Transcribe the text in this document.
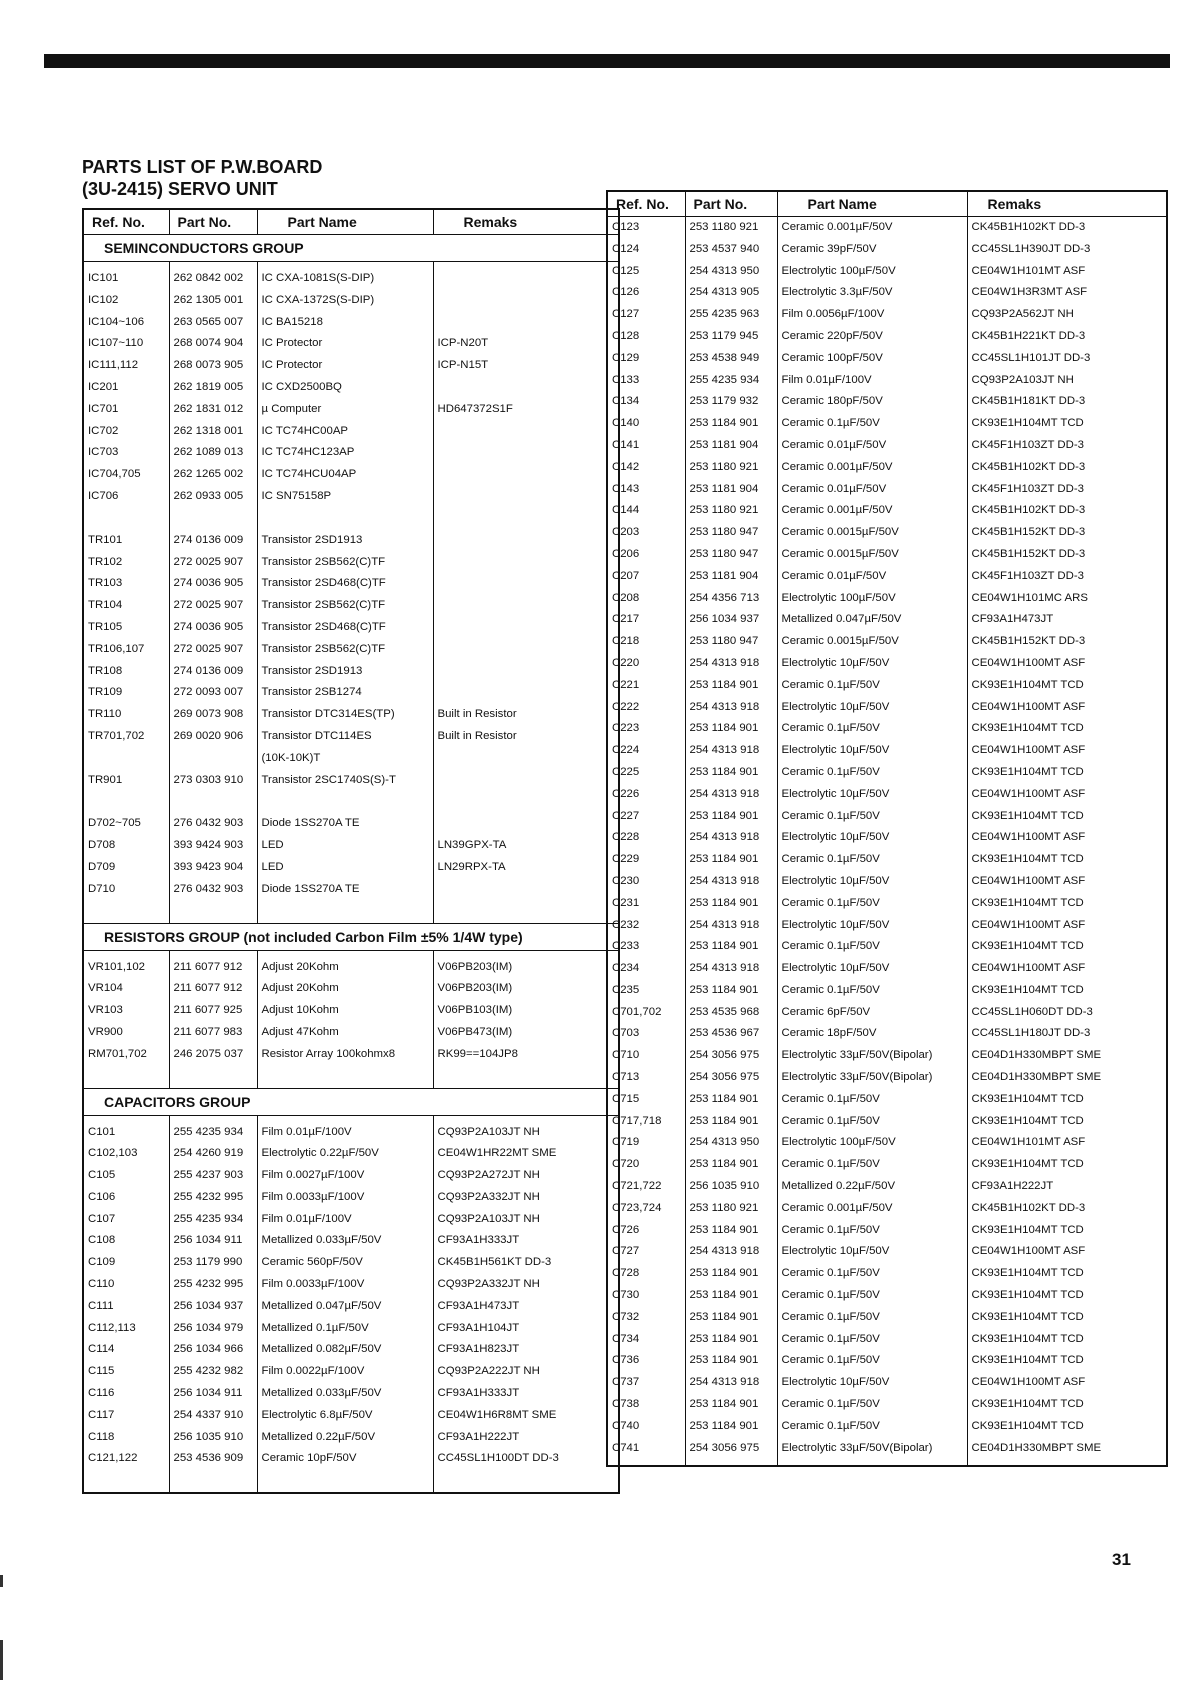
PARTS LIST OF P.W.BOARD
(3U-2415) SERVO UNIT
Ref. No.	Part No.	Part Name	Remaks
SEMINCONDUCTORS GROUP			

IC101	262 0842 002	IC CXA-1081S(S-DIP)	
IC102	262 1305 001	IC CXA-1372S(S-DIP)	
IC104~106	263 0565 007	IC BA15218	
IC107~110	268 0074 904	IC Protector	ICP-N20T
IC111,112	268 0073 905	IC Protector	ICP-N15T
IC201	262 1819 005	IC CXD2500BQ	
IC701	262 1831 012	µ Computer	HD647372S1F
IC702	262 1318 001	IC TC74HC00AP	
IC703	262 1089 013	IC TC74HC123AP	
IC704,705	262 1265 002	IC TC74HCU04AP	
IC706	262 0933 005	IC SN75158P	

TR101	274 0136 009	Transistor 2SD1913	
TR102	272 0025 907	Transistor 2SB562(C)TF	
TR103	274 0036 905	Transistor 2SD468(C)TF	
TR104	272 0025 907	Transistor 2SB562(C)TF	
TR105	274 0036 905	Transistor 2SD468(C)TF	
TR106,107	272 0025 907	Transistor 2SB562(C)TF	
TR108	274 0136 009	Transistor 2SD1913	
TR109	272 0093 007	Transistor 2SB1274	
TR110	269 0073 908	Transistor DTC314ES(TP)	Built in Resistor
TR701,702	269 0020 906	Transistor DTC114ES	Built in Resistor
		(10K-10K)T	
TR901	273 0303 910	Transistor 2SC1740S(S)-T	

D702~705	276 0432 903	Diode 1SS270A TE	
D708	393 9424 903	LED	LN39GPX-TA
D709	393 9423 904	LED	LN29RPX-TA
D710	276 0432 903	Diode 1SS270A TE	

RESISTORS GROUP (not included Carbon Film ±5% 1/4W type)			

VR101,102	211 6077 912	Adjust 20Kohm	V06PB203(IM)
VR104	211 6077 912	Adjust 20Kohm	V06PB203(IM)
VR103	211 6077 925	Adjust 10Kohm	V06PB103(IM)
VR900	211 6077 983	Adjust 47Kohm	V06PB473(IM)
RM701,702	246 2075 037	Resistor Array 100kohmx8	RK99==104JP8

CAPACITORS GROUP			

C101	255 4235 934	Film 0.01µF/100V	CQ93P2A103JT NH
C102,103	254 4260 919	Electrolytic 0.22µF/50V	CE04W1HR22MT SME
C105	255 4237 903	Film 0.0027µF/100V	CQ93P2A272JT NH
C106	255 4232 995	Film 0.0033µF/100V	CQ93P2A332JT NH
C107	255 4235 934	Film 0.01µF/100V	CQ93P2A103JT NH
C108	256 1034 911	Metallized 0.033µF/50V	CF93A1H333JT
C109	253 1179 990	Ceramic 560pF/50V	CK45B1H561KT DD-3
C110	255 4232 995	Film 0.0033µF/100V	CQ93P2A332JT NH
C111	256 1034 937	Metallized 0.047µF/50V	CF93A1H473JT
C112,113	256 1034 979	Metallized 0.1µF/50V	CF93A1H104JT
C114	256 1034 966	Metallized 0.082µF/50V	CF93A1H823JT
C115	255 4232 982	Film 0.0022µF/100V	CQ93P2A222JT NH
C116	256 1034 911	Metallized 0.033µF/50V	CF93A1H333JT
C117	254 4337 910	Electrolytic 6.8µF/50V	CE04W1H6R8MT SME
C118	256 1035 910	Metallized 0.22µF/50V	CF93A1H222JT
C121,122	253 4536 909	Ceramic 10pF/50V	CC45SL1H100DT DD-3

Ref. No.	Part No.	Part Name	Remaks
C123	253 1180 921	Ceramic 0.001µF/50V	CK45B1H102KT DD-3
C124	253 4537 940	Ceramic 39pF/50V	CC45SL1H390JT DD-3
C125	254 4313 950	Electrolytic 100µF/50V	CE04W1H101MT ASF
C126	254 4313 905	Electrolytic 3.3µF/50V	CE04W1H3R3MT ASF
C127	255 4235 963	Film 0.0056µF/100V	CQ93P2A562JT NH
C128	253 1179 945	Ceramic 220pF/50V	CK45B1H221KT DD-3
C129	253 4538 949	Ceramic 100pF/50V	CC45SL1H101JT DD-3
C133	255 4235 934	Film 0.01µF/100V	CQ93P2A103JT NH
C134	253 1179 932	Ceramic 180pF/50V	CK45B1H181KT DD-3
C140	253 1184 901	Ceramic 0.1µF/50V	CK93E1H104MT TCD
C141	253 1181 904	Ceramic 0.01µF/50V	CK45F1H103ZT DD-3
C142	253 1180 921	Ceramic 0.001µF/50V	CK45B1H102KT DD-3
C143	253 1181 904	Ceramic 0.01µF/50V	CK45F1H103ZT DD-3
C144	253 1180 921	Ceramic 0.001µF/50V	CK45B1H102KT DD-3
C203	253 1180 947	Ceramic 0.0015µF/50V	CK45B1H152KT DD-3
C206	253 1180 947	Ceramic 0.0015µF/50V	CK45B1H152KT DD-3
C207	253 1181 904	Ceramic 0.01µF/50V	CK45F1H103ZT DD-3
C208	254 4356 713	Electrolytic 100µF/50V	CE04W1H101MC ARS
C217	256 1034 937	Metallized 0.047µF/50V	CF93A1H473JT
C218	253 1180 947	Ceramic 0.0015µF/50V	CK45B1H152KT DD-3
C220	254 4313 918	Electrolytic 10µF/50V	CE04W1H100MT ASF
C221	253 1184 901	Ceramic 0.1µF/50V	CK93E1H104MT TCD
C222	254 4313 918	Electrolytic 10µF/50V	CE04W1H100MT ASF
C223	253 1184 901	Ceramic 0.1µF/50V	CK93E1H104MT TCD
C224	254 4313 918	Electrolytic 10µF/50V	CE04W1H100MT ASF
C225	253 1184 901	Ceramic 0.1µF/50V	CK93E1H104MT TCD
C226	254 4313 918	Electrolytic 10µF/50V	CE04W1H100MT ASF
C227	253 1184 901	Ceramic 0.1µF/50V	CK93E1H104MT TCD
C228	254 4313 918	Electrolytic 10µF/50V	CE04W1H100MT ASF
C229	253 1184 901	Ceramic 0.1µF/50V	CK93E1H104MT TCD
C230	254 4313 918	Electrolytic 10µF/50V	CE04W1H100MT ASF
C231	253 1184 901	Ceramic 0.1µF/50V	CK93E1H104MT TCD
C232	254 4313 918	Electrolytic 10µF/50V	CE04W1H100MT ASF
C233	253 1184 901	Ceramic 0.1µF/50V	CK93E1H104MT TCD
C234	254 4313 918	Electrolytic 10µF/50V	CE04W1H100MT ASF
C235	253 1184 901	Ceramic 0.1µF/50V	CK93E1H104MT TCD
C701,702	253 4535 968	Ceramic 6pF/50V	CC45SL1H060DT DD-3
C703	253 4536 967	Ceramic 18pF/50V	CC45SL1H180JT DD-3
C710	254 3056 975	Electrolytic 33µF/50V(Bipolar)	CE04D1H330MBPT SME
C713	254 3056 975	Electrolytic 33µF/50V(Bipolar)	CE04D1H330MBPT SME
C715	253 1184 901	Ceramic 0.1µF/50V	CK93E1H104MT TCD
C717,718	253 1184 901	Ceramic 0.1µF/50V	CK93E1H104MT TCD
C719	254 4313 950	Electrolytic 100µF/50V	CE04W1H101MT ASF
C720	253 1184 901	Ceramic 0.1µF/50V	CK93E1H104MT TCD
C721,722	256 1035 910	Metallized 0.22µF/50V	CF93A1H222JT
C723,724	253 1180 921	Ceramic 0.001µF/50V	CK45B1H102KT DD-3
C726	253 1184 901	Ceramic 0.1µF/50V	CK93E1H104MT TCD
C727	254 4313 918	Electrolytic 10µF/50V	CE04W1H100MT ASF
C728	253 1184 901	Ceramic 0.1µF/50V	CK93E1H104MT TCD
C730	253 1184 901	Ceramic 0.1µF/50V	CK93E1H104MT TCD
C732	253 1184 901	Ceramic 0.1µF/50V	CK93E1H104MT TCD
C734	253 1184 901	Ceramic 0.1µF/50V	CK93E1H104MT TCD
C736	253 1184 901	Ceramic 0.1µF/50V	CK93E1H104MT TCD
C737	254 4313 918	Electrolytic 10µF/50V	CE04W1H100MT ASF
C738	253 1184 901	Ceramic 0.1µF/50V	CK93E1H104MT TCD
C740	253 1184 901	Ceramic 0.1µF/50V	CK93E1H104MT TCD
C741	254 3056 975	Electrolytic 33µF/50V(Bipolar)	CE04D1H330MBPT SME

31
